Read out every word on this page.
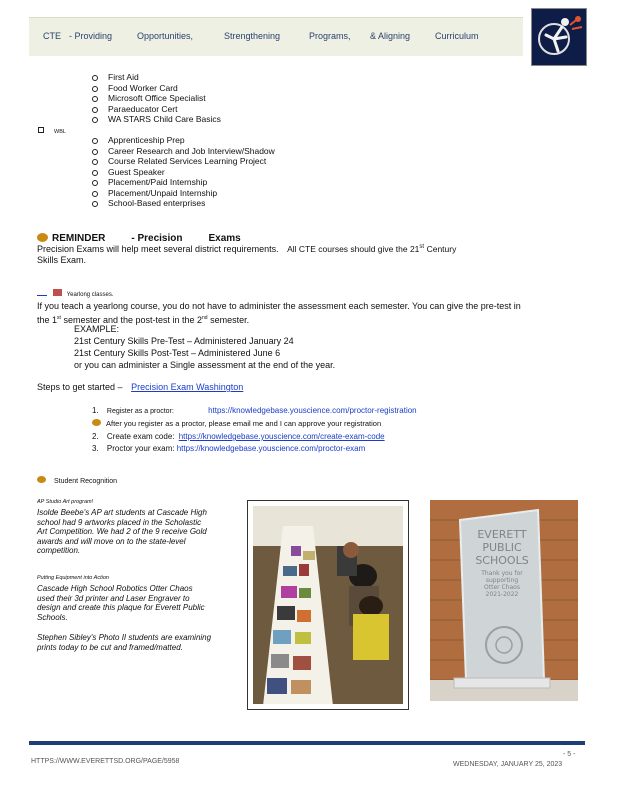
CTE - Providing	Opportunities,	Strengthening	Programs, & Aligning	Curriculum
First Aid
Food Worker Card
Microsoft Office Specialist
Paraeducator Cert
WA STARS Child Care Basics
WBL
Apprenticeship Prep
Career Research and Job Interview/Shadow
Course Related Services Learning Project
Guest Speaker
Placement/Paid Internship
Placement/Unpaid Internship
School-Based enterprises
REMINDER	- Precision	Exams
Precision Exams will help meet several district requirements. All CTE courses should give the 21st Century
Skills Exam.
Yearlong classes.
If you teach a yearlong course, you do not have to administer the assessment each semester. You can give the pre-test in
the 1st semester and the post-test in the 2nd semester.
EXAMPLE:
21st Century Skills Pre-Test – Administered January 24
21st Century Skills Post-Test – Administered June 6
or you can administer a Single assessment at the end of the year.
Steps to get started – Precision Exam Washington
1. Register as a proctor:	https://knowledgebase.youscience.com/proctor-registration
After you register as a proctor, please email me and I can approve your registration
2. Create exam code: https://knowledgebase.youscience.com/create-exam-code
3. Proctor your exam: https://knowledgebase.youscience.com/proctor-exam
Student Recognition
AP Studio Art program!
Isolde Beebe's AP art students at Cascade High
school had 9 artworks placed in the Scholastic
Art Competition. We had 2 of the 9 receive Gold
awards and will move on to the state-level
competition.
Putting Equipment into Action
Cascade High School Robotics Otter Chaos
used their 3d printer and Laser Engraver to
design and create this plaque for Everett Public
Schools.
Stephen Sibley's Photo II students are examining
prints today to be cut and framed/matted.
EVERETT
PUBLIC
SCHOOLS
Thank you for
supporting
Otter Chaos
2021-2022
HTTPS://WWW.EVERETTSD.ORG/PAGE/5958
- 5 -
WEDNESDAY, JANUARY 25, 2023
